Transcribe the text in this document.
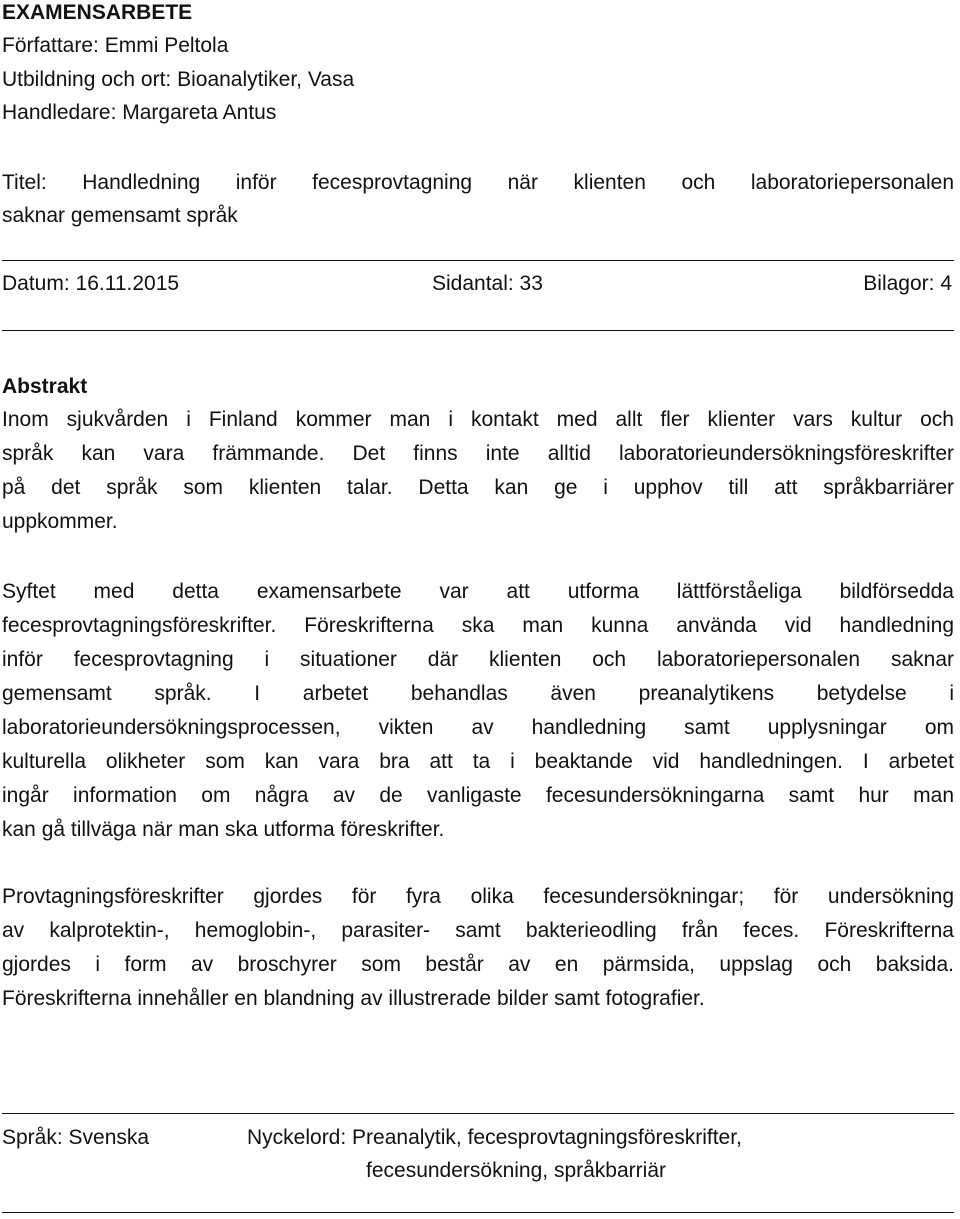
EXAMENSARBETE
Författare: Emmi Peltola
Utbildning och ort: Bioanalytiker, Vasa
Handledare: Margareta Antus
Titel: Handledning inför fecesprovtagning när klienten och laboratoriepersonalen
saknar gemensamt språk
Datum: 16.11.2015	Sidantal: 33	Bilagor: 4
Abstrakt
Inom sjukvården i Finland kommer man i kontakt med allt fler klienter vars kultur och
språk kan vara främmande. Det finns inte alltid laboratorieundersökningsföreskrifter
på det språk som klienten talar. Detta kan ge i upphov till att språkbarriärer
uppkommer.
Syftet med detta examensarbete var att utforma lättförståeliga bildförsedda
fecesprovtagningsföreskrifter. Föreskrifterna ska man kunna använda vid handledning
inför fecesprovtagning i situationer där klienten och laboratoriepersonalen saknar
gemensamt språk. I arbetet behandlas även preanalytikens betydelse i
laboratorieundersökningsprocessen, vikten av handledning samt upplysningar om
kulturella olikheter som kan vara bra att ta i beaktande vid handledningen. I arbetet
ingår information om några av de vanligaste fecesundersökningarna samt hur man
kan gå tillväga när man ska utforma föreskrifter.
Provtagningsföreskrifter gjordes för fyra olika fecesundersökningar; för undersökning
av kalprotektin-, hemoglobin-, parasiter- samt bakterieodling från feces. Föreskrifterna
gjordes i form av broschyrer som består av en pärmsida, uppslag och baksida.
Föreskrifterna innehåller en blandning av illustrerade bilder samt fotografier.
Språk: Svenska	Nyckelord: Preanalytik, fecesprovtagningsföreskrifter,
fecesundersökning, språkbarriär
